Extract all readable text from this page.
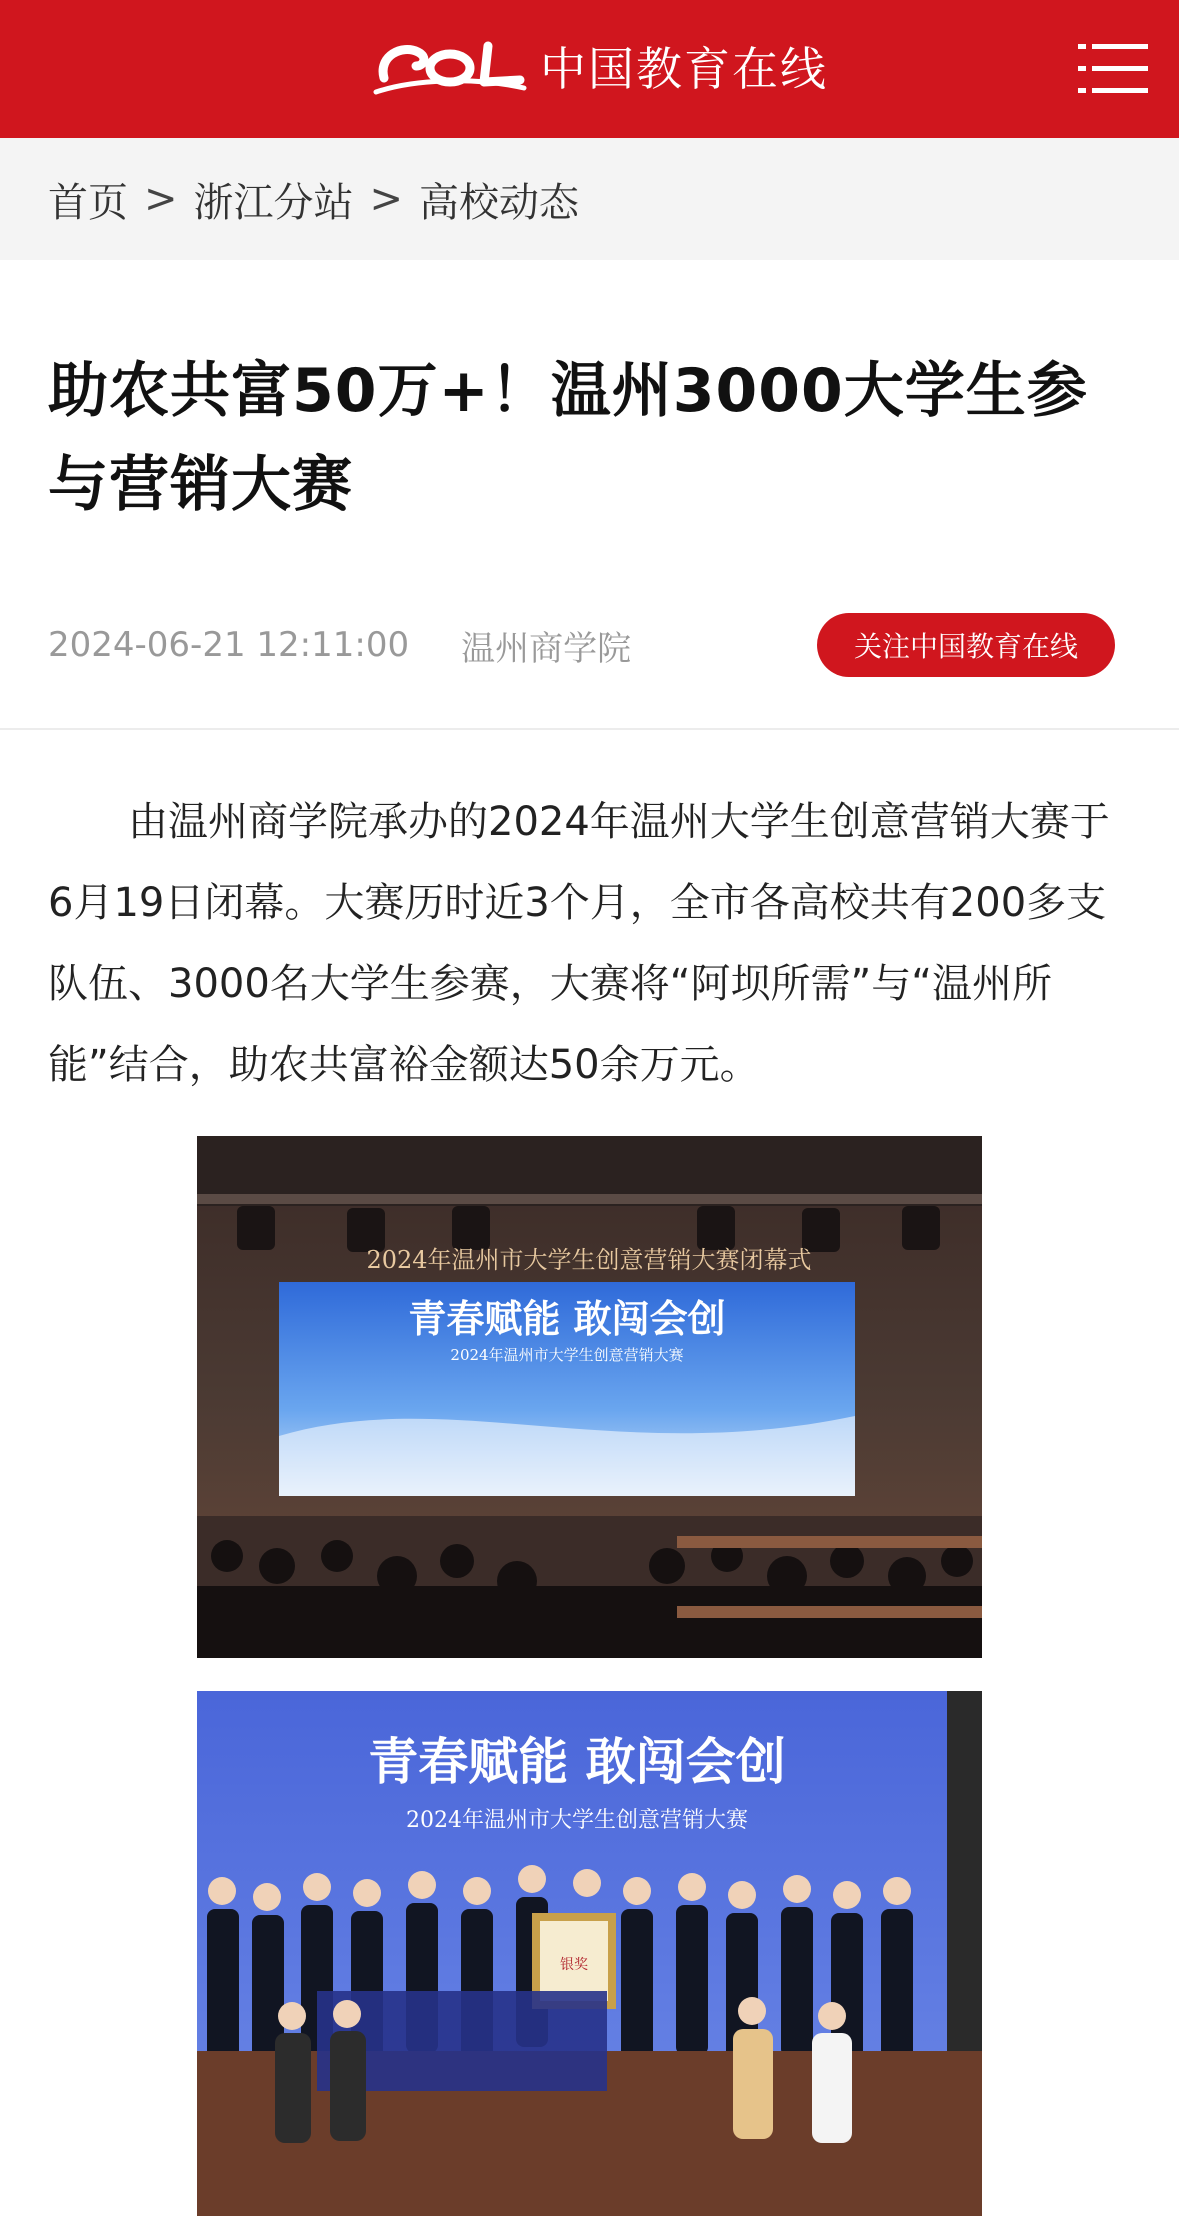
中国教育在线
首页 > 浙江分站 > 高校动态
助农共富50万+！温州3000大学生参与营销大赛
2024-06-21 12:11:00 温州商学院	关注中国教育在线

由温州商学院承办的2024年温州大学生创意营销大赛于6月19日闭幕。大赛历时近3个月，全市各高校共有200多支队伍、3000名大学生参赛，大赛将“阿坝所需”与“温州所能”结合，助农共富裕金额达50余万元。

2024年温州市大学生创意营销大赛闭幕式
青春赋能 敢闯会创
2024年温州市大学生创意营销大赛
青春赋能 敢闯会创
2024年温州市大学生创意营销大赛
银奖
